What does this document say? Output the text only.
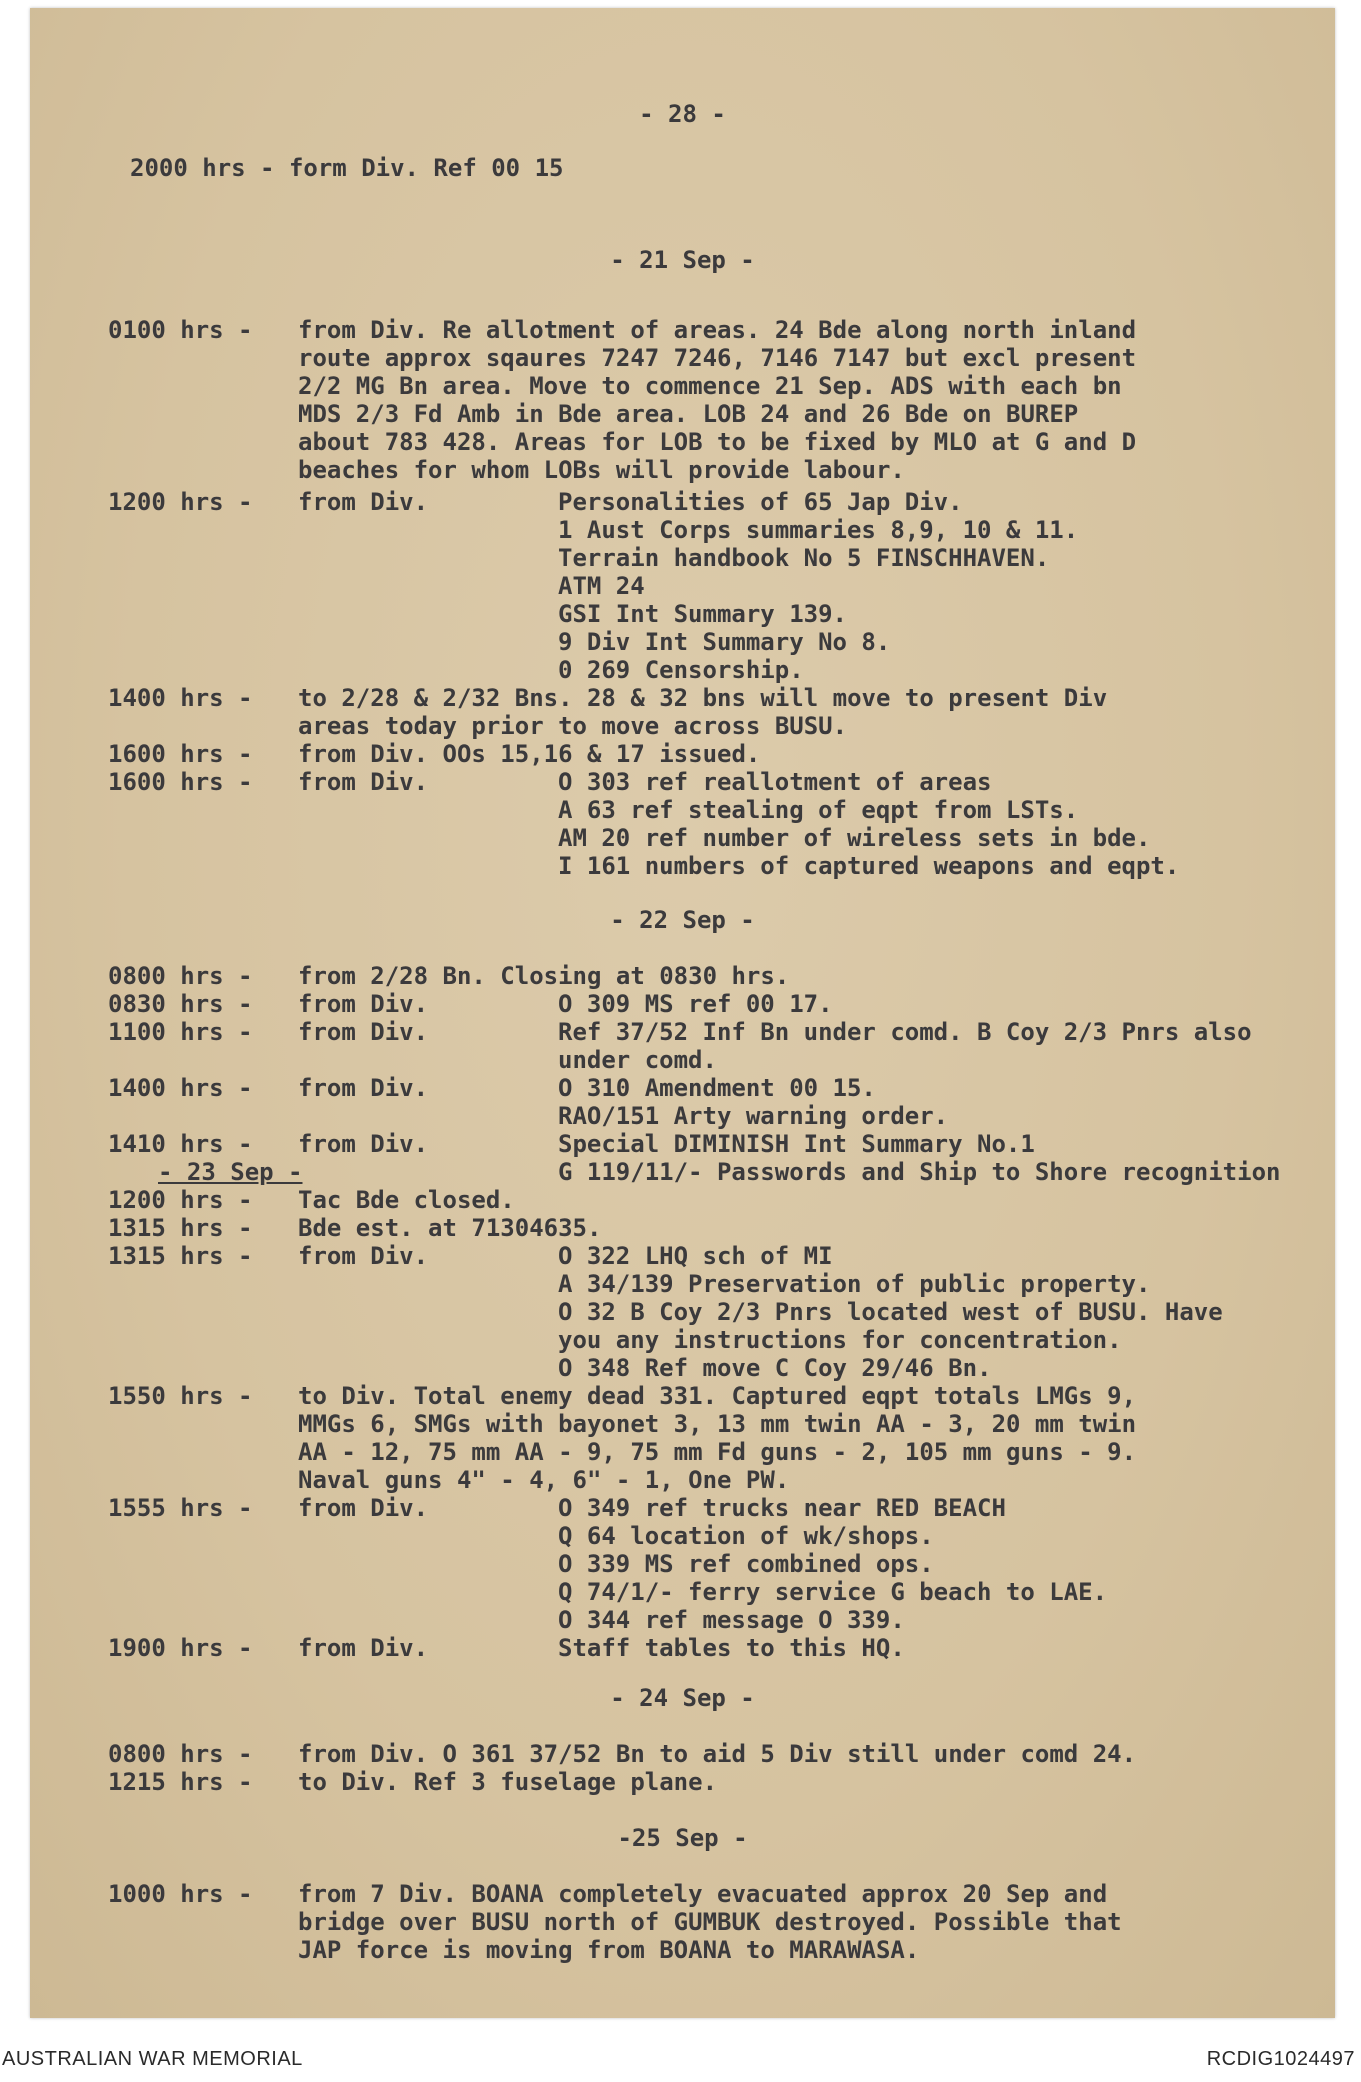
- 28 -
2000 hrs - form Div. Ref 00 15
- 21 Sep -
0100 hrs -	from Div. Re allotment of areas. 24 Bde along north inland
route approx sqaures 7247 7246, 7146 7147 but excl present
2/2 MG Bn area. Move to commence 21 Sep. ADS with each bn
MDS 2/3 Fd Amb in Bde area. LOB 24 and 26 Bde on BUREP
about 783 428. Areas for LOB to be fixed by MLO at G and D
beaches for whom LOBs will provide labour.
1200 hrs -	from Div.	Personalities of 65 Jap Div.
1 Aust Corps summaries 8,9, 10 & 11.
Terrain handbook No 5 FINSCHHAVEN.
ATM 24
GSI Int Summary 139.
9 Div Int Summary No 8.
0 269 Censorship.
1400 hrs -	to 2/28 & 2/32 Bns. 28 & 32 bns will move to present Div
areas today prior to move across BUSU.
1600 hrs -	from Div. OOs 15,16 & 17 issued.
1600 hrs -	from Div.	O 303 ref reallotment of areas
A 63 ref stealing of eqpt from LSTs.
AM 20 ref number of wireless sets in bde.
I 161 numbers of captured weapons and eqpt.
- 22 Sep -
0800 hrs -	from 2/28 Bn. Closing at 0830 hrs.
0830 hrs -	from Div.	O 309 MS ref 00 17.
1100 hrs -	from Div.	Ref 37/52 Inf Bn under comd. B Coy 2/3 Pnrs also
under comd.
1400 hrs -	from Div.	O 310 Amendment 00 15.
RAO/151 Arty warning order.
1410 hrs -	from Div.	Special DIMINISH Int Summary No.1
G 119/11/- Passwords and Ship to Shore recognition
- 23 Sep -
1200 hrs -	Tac Bde closed.
1315 hrs -	Bde est. at 71304635.
1315 hrs -	from Div.	O 322 LHQ sch of MI
A 34/139 Preservation of public property.
O 32 B Coy 2/3 Pnrs located west of BUSU. Have
you any instructions for concentration.
O 348 Ref move C Coy 29/46 Bn.
1550 hrs -	to Div. Total enemy dead 331. Captured eqpt totals LMGs 9,
MMGs 6, SMGs with bayonet 3, 13 mm twin AA - 3, 20 mm twin
AA - 12, 75 mm AA - 9, 75 mm Fd guns - 2, 105 mm guns - 9.
Naval guns 4" - 4, 6" - 1, One PW.
1555 hrs -	from Div.	O 349 ref trucks near RED BEACH
Q 64 location of wk/shops.
O 339 MS ref combined ops.
Q 74/1/- ferry service G beach to LAE.
O 344 ref message O 339.
1900 hrs -	from Div.	Staff tables to this HQ.
- 24 Sep -
0800 hrs -	from Div. O 361 37/52 Bn to aid 5 Div still under comd 24.
1215 hrs -	to Div. Ref 3 fuselage plane.
-25 Sep -
1000 hrs -	from 7 Div. BOANA completely evacuated approx 20 Sep and
bridge over BUSU north of GUMBUK destroyed. Possible that
JAP force is moving from BOANA to MARAWASA.
AUSTRALIAN WAR MEMORIAL	RCDIG1024497
